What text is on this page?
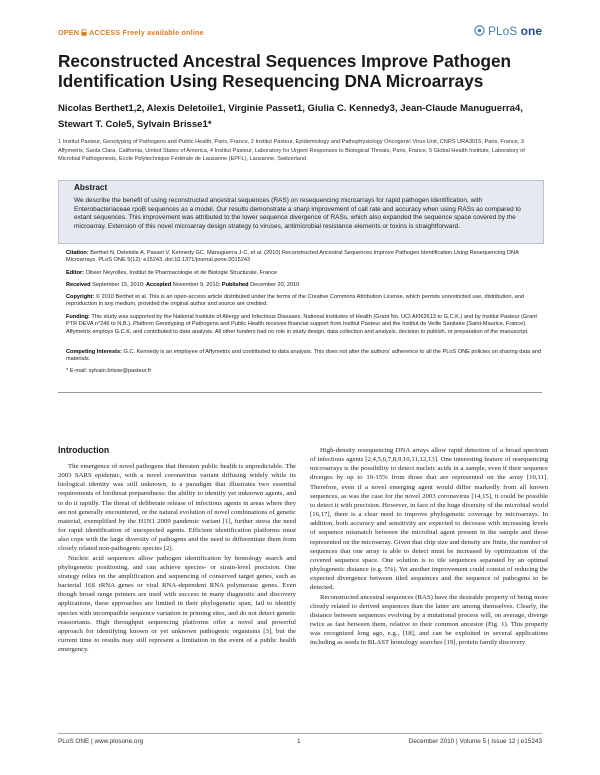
OPEN ACCESS Freely available online	PLoS one
Reconstructed Ancestral Sequences Improve Pathogen Identification Using Resequencing DNA Microarrays
Nicolas Berthet1,2, Alexis Deletoile1, Virginie Passet1, Giulia C. Kennedy3, Jean-Claude Manuguerra4, Stewart T. Cole5, Sylvain Brisse1*
1 Institut Pasteur, Genotyping of Pathogens and Public Health, Paris, France, 2 Institut Pasteur, Epidemiology and Pathophysiology Oncogenic Virus Unit, CNRS URA3015, Paris, France, 3 Affymetrix, Santa Clara, California, United States of America, 4 Institut Pasteur, Laboratory for Urgent Responses to Biological Threats, Paris, France, 5 Global Health Institute, Laboratory of Microbial Pathogenesis, Ecole Polytechnique Fédérale de Lausanne (EPFL), Lausanne, Switzerland
Abstract
We describe the benefit of using reconstructed ancestral sequences (RAS) on resequencing microarrays for rapid pathogen identification, with Enterobacteriaceae rpoB sequences as a model. Our results demonstrate a sharp improvement of call rate and accuracy when using RASs as compared to extant sequences. This improvement was attributed to the lower sequence divergence of RASs, which also expanded the sequence space covered by the microarray. Extension of this novel microarray design strategy to viruses, antimicrobial resistance elements or toxins is straightforward.
Citation: Berthet N, Deletoile A, Passet V, Kennedy GC, Manuguerra J-C, et al. (2010) Reconstructed Ancestral Sequences Improve Pathogen Identification Using Resequencing DNA Microarrays. PLoS ONE 5(12): e15243. doi:10.1371/journal.pone.0015243
Editor: Olivier Neyrolles, Institut de Pharmacologie et de Biologie Structurale, France
Received September 15, 2010; Accepted November 9, 2010; Published December 20, 2010
Copyright: © 2010 Berthet et al. This is an open-access article distributed under the terms of the Creative Commons Attribution License, which permits unrestricted use, distribution, and reproduction in any medium, provided the original author and source are credited.
Funding: This study was supported by the National Institute of Allergy and Infectious Diseases, National Institutes of Health (Grant No. UCI AI062613 to G.C.K.) and by Institut Pasteur (Grant PTR DEVA n°246 to N.B.). Platform Genotyping of Pathogens and Public Health receives financial support from Institut Pasteur and the Institut de Veille Sanitaire (Saint-Maurice, France). Affymetrix employs G.C.K. and contributed to data analysis. All other funders had no role in study design, data collection and analysis, decision to publish, or preparation of the manuscript.
Competing Interests: G.C. Kennedy is an employee of Affymetrix and contributed to data analysis. This does not alter the authors' adherence to all the PLoS ONE policies on sharing data and materials.
* E-mail: sylvain.brisse@pasteur.fr
Introduction

The emergence of novel pathogens that threaten public health is unpredictable. The 2003 SARS epidemic, with a novel coronavirus variant diffusing widely while its biological identity was still unknown, is a paradigm that illustrates two essential requirements of biothreat preparedness: the ability to identify yet unknown agents, and to do it rapidly. The threat of deliberate release of infectious agents in areas where they are not generally encountered, or the natural evolution of novel combinations of genetic material, exemplified by the H1N1 2009 pandemic variant [1], further stress the need for rapid identification of unexpected agents. Efficient identification platforms must also cope with the large diversity of pathogens and the need to differentiate them from closely related non-pathogenic species [2].

Nucleic acid sequences allow pathogen identification by homology search and phylogenetic positioning, and can achieve species- or strain-level precision. One strategy relies on the amplification and sequencing of conserved target genes, such as bacterial 16S rRNA genes or viral RNA-dependent RNA polymerase genes. Even though broad range primers are used with success in many diagnostic and discovery applications, these approaches are limited in their phylogenetic span, fail to identify species with incompatible sequence variation in priming sites, and do not detect genetic reassortants. High throughput sequencing platforms offer a novel and powerful approach for identifying known or yet unknown pathogenic organisms [3], but the current time to results may still represent a limitation in the event of a public health emergency.

High-density resequencing DNA arrays allow rapid detection of a broad spectrum of infectious agents [2,4,5,6,7,8,9,10,11,12,13]. One interesting feature of resequencing microarrays is the possibility to detect nucleic acids in a sample, even if their sequence diverges by up to 10-15% from those that are represented on the array [10,11]. Therefore, even if a novel emerging agent would differ markedly from all known sequences, as was the case for the novel 2003 coronavirus [14,15], it could be possible to detect it with precision. However, in face of the huge diversity of the microbial world [16,17], there is a clear need to improve phylogenetic coverage by microarrays. In addition, both accuracy and sensitivity are expected to decrease with increasing levels of sequence mismatch between the microbial agent present in the sample and those represented on the microarray. Given that chip size and density are finite, the number of sequences that one array is able to detect must be increased by optimization of the covered sequence space. One solution is to tile sequences separated by an optimal phylogenetic distance (e.g. 5%). Yet another improvement could consist of reducing the expected divergence between tiled sequences and the sequence of pathogens to be detected.

Reconstructed ancestral sequences (RAS) have the desirable property of being more closely related to derived sequences than the latter are among themselves. Clearly, the distance between sequences evolving by a mutational process will, on average, diverge twice as fast between them, relative to their common ancestor (Fig. 1). This property was recognized long ago, e.g., [18], and can be exploited in several applications including as seeds in BLAST homology searches [19], protein family discovery

PLoS ONE | www.plosone.org	1	December 2010 | Volume 5 | Issue 12 | e15243
